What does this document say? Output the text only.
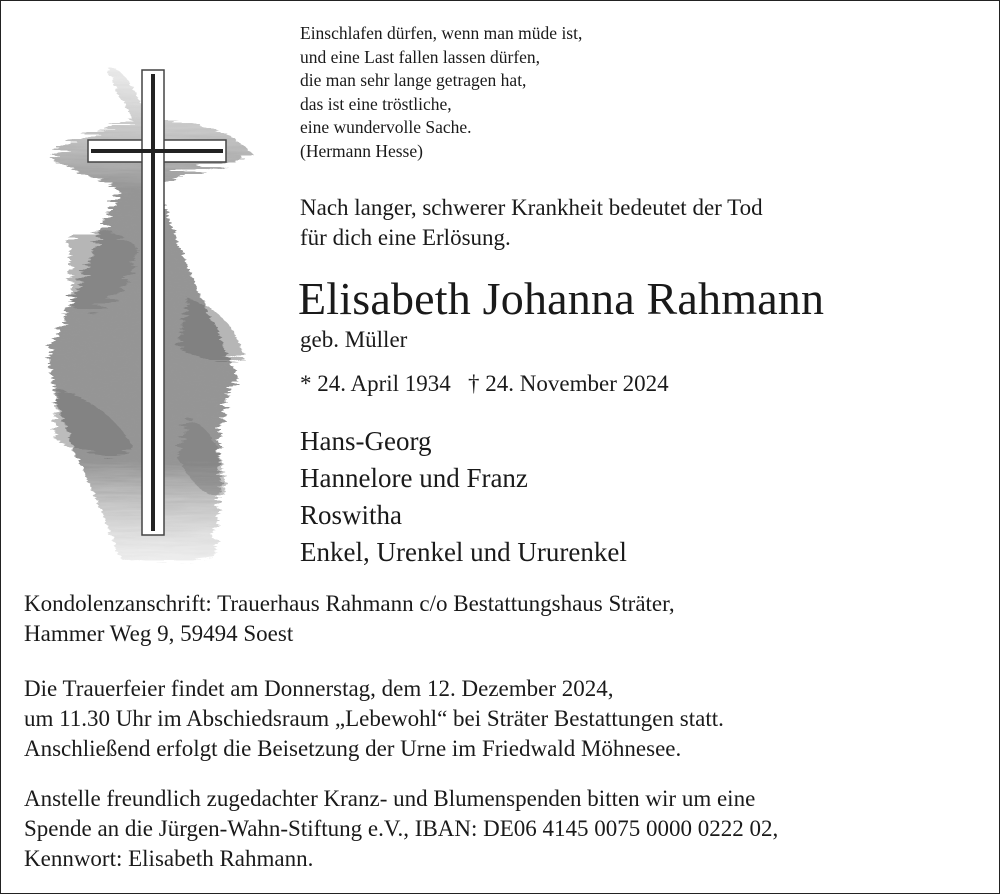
Einschlafen dürfen, wenn man müde ist,
und eine Last fallen lassen dürfen,
die man sehr lange getragen hat,
das ist eine tröstliche,
eine wundervolle Sache.
(Hermann Hesse)
Nach langer, schwerer Krankheit bedeutet der Tod
für dich eine Erlösung.
Elisabeth Johanna Rahmann
geb. Müller
* 24. April 1934 † 24. November 2024
Hans-Georg
Hannelore und Franz
Roswitha
Enkel, Urenkel und Ururenkel
Kondolenzanschrift: Trauerhaus Rahmann c/o Bestattungshaus Sträter,
Hammer Weg 9, 59494 Soest
Die Trauerfeier findet am Donnerstag, dem 12. Dezember 2024,
um 11.30 Uhr im Abschiedsraum „Lebewohl“ bei Sträter Bestattungen statt.
Anschließend erfolgt die Beisetzung der Urne im Friedwald Möhnesee.
Anstelle freundlich zugedachter Kranz- und Blumenspenden bitten wir um eine
Spende an die Jürgen-Wahn-Stiftung e.V., IBAN: DE06 4145 0075 0000 0222 02,
Kennwort: Elisabeth Rahmann.
